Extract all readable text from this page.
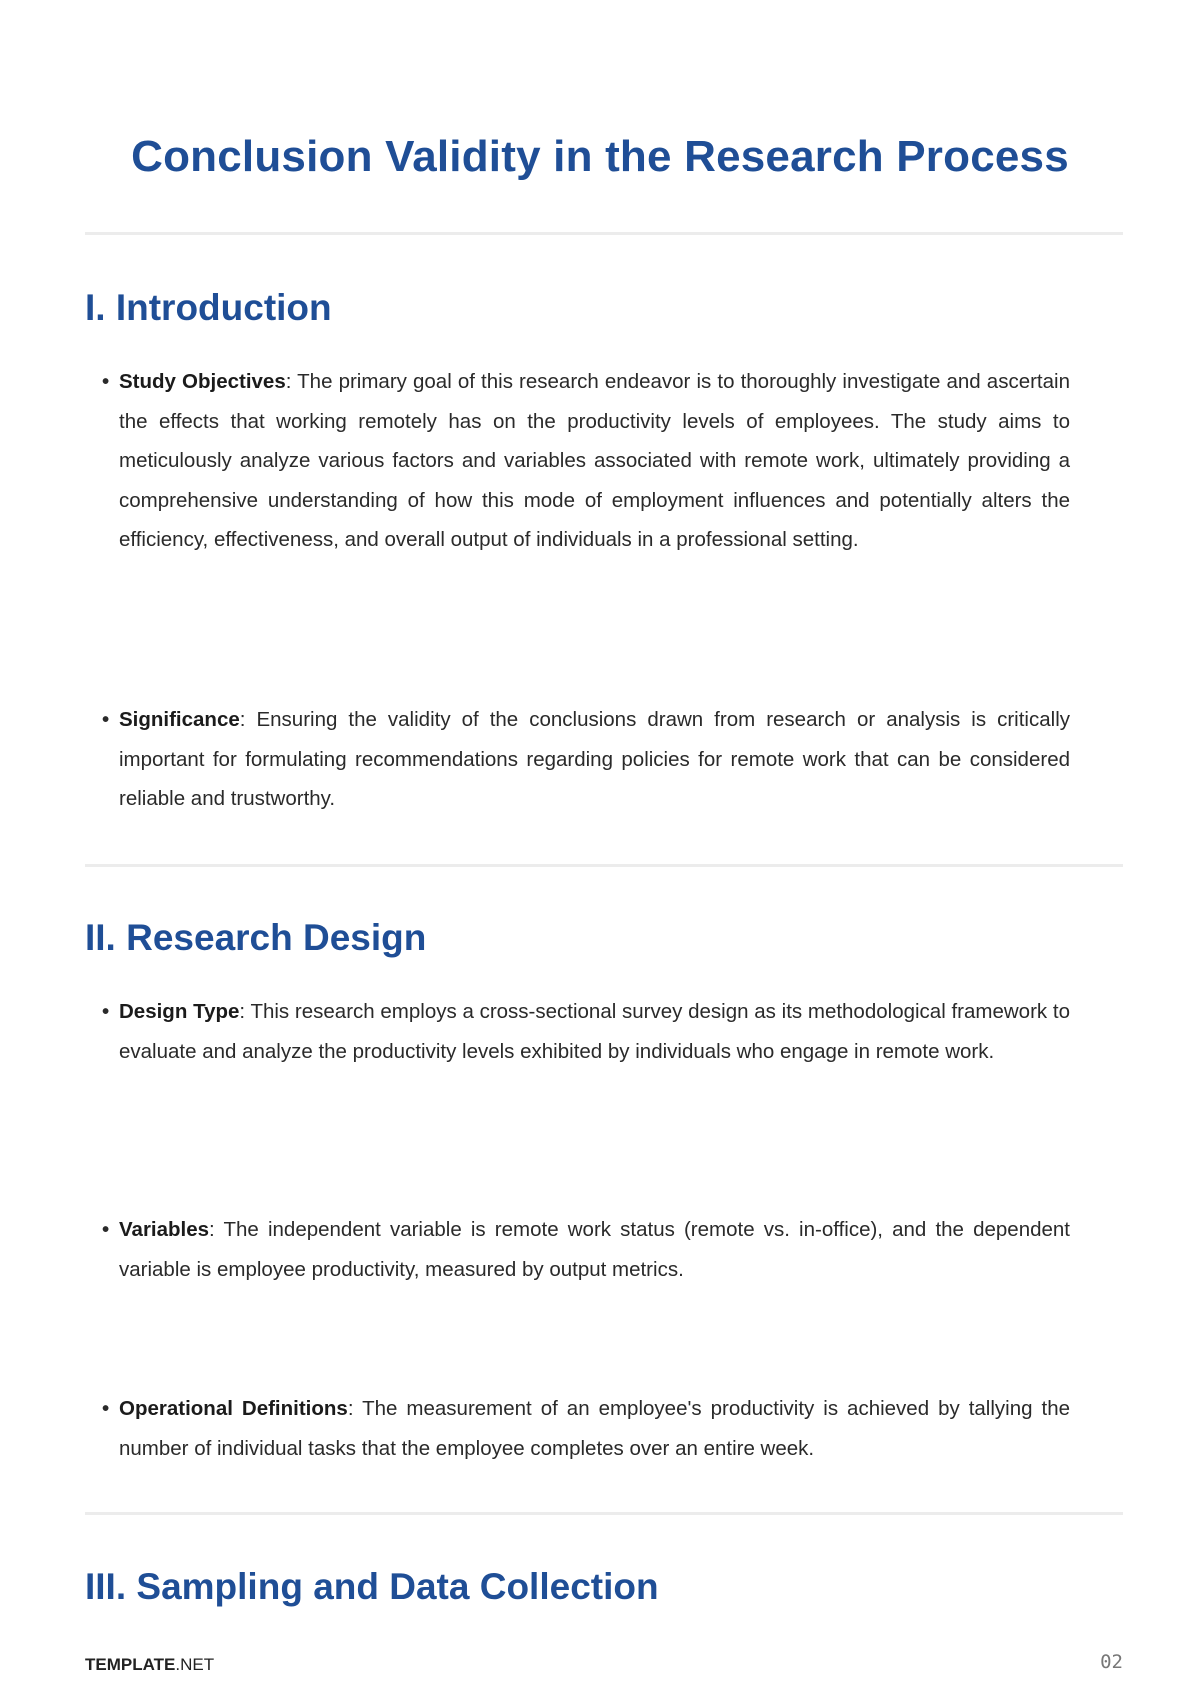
Conclusion Validity in the Research Process
I. Introduction
• Study Objectives: The primary goal of this research endeavor is to thoroughly investigate and ascertain the effects that working remotely has on the productivity levels of employees. The study aims to meticulously analyze various factors and variables associated with remote work, ultimately providing a comprehensive understanding of how this mode of employment influences and potentially alters the efficiency, effectiveness, and overall output of individuals in a professional setting.
• Significance: Ensuring the validity of the conclusions drawn from research or analysis is critically important for formulating recommendations regarding policies for remote work that can be considered reliable and trustworthy.
II. Research Design
• Design Type: This research employs a cross-sectional survey design as its methodological framework to evaluate and analyze the productivity levels exhibited by individuals who engage in remote work.
• Variables: The independent variable is remote work status (remote vs. in-office), and the dependent variable is employee productivity, measured by output metrics.
• Operational Definitions: The measurement of an employee's productivity is achieved by tallying the number of individual tasks that the employee completes over an entire week.
III. Sampling and Data Collection
TEMPLATE.NET	02
